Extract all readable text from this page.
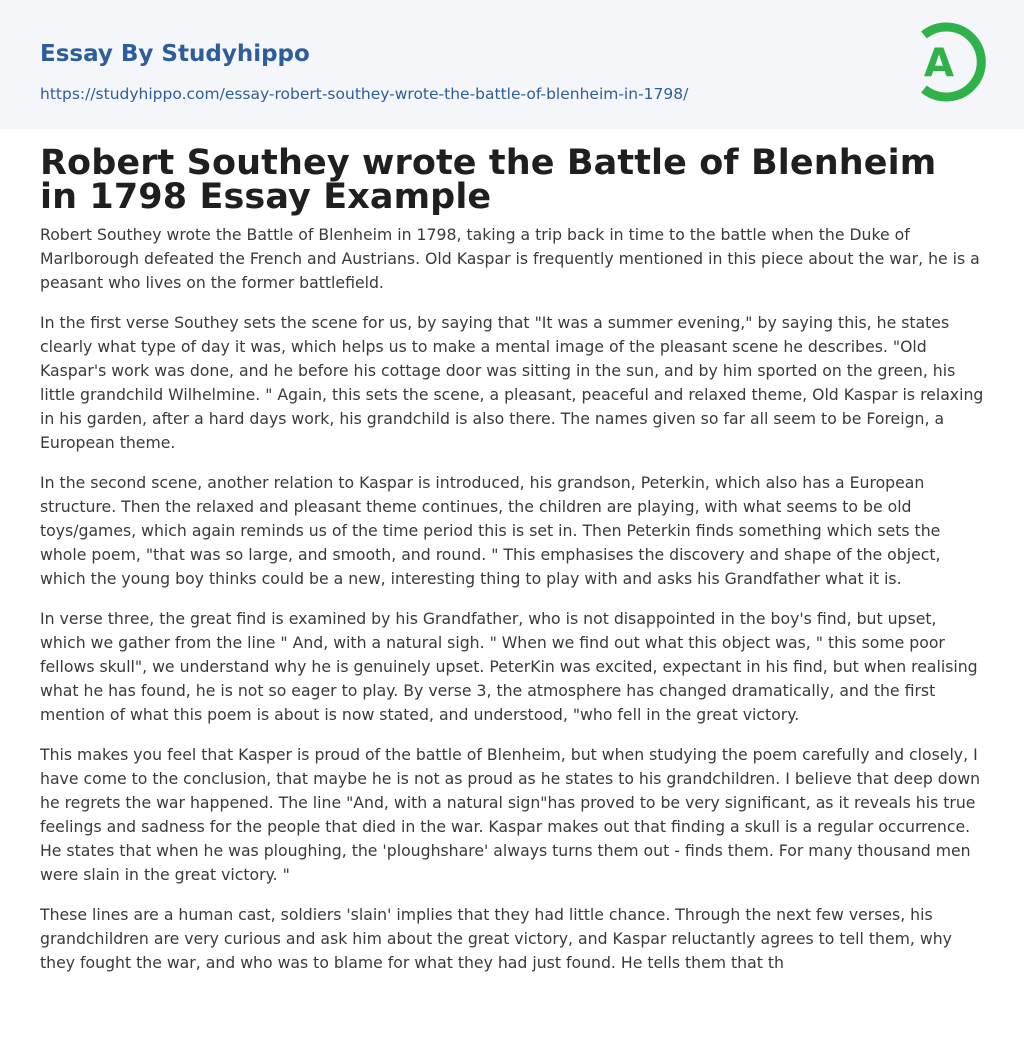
Essay By Studyhippo
https://studyhippo.com/essay-robert-southey-wrote-the-battle-of-blenheim-in-1798/
A
Robert Southey wrote the Battle of Blenheim in 1798 Essay Example

Robert Southey wrote the Battle of Blenheim in 1798, taking a trip back in time to the battle when the Duke of Marlborough defeated the French and Austrians. Old Kaspar is frequently mentioned in this piece about the war, he is a peasant who lives on the former battlefield.

In the first verse Southey sets the scene for us, by saying that "It was a summer evening," by saying this, he states clearly what type of day it was, which helps us to make a mental image of the pleasant scene he describes. "Old Kaspar's work was done, and he before his cottage door was sitting in the sun, and by him sported on the green, his little grandchild Wilhelmine. " Again, this sets the scene, a pleasant, peaceful and relaxed theme, Old Kaspar is relaxing in his garden, after a hard days work, his grandchild is also there. The names given so far all seem to be Foreign, a European theme.

In the second scene, another relation to Kaspar is introduced, his grandson, Peterkin, which also has a European structure. Then the relaxed and pleasant theme continues, the children are playing, with what seems to be old toys/games, which again reminds us of the time period this is set in. Then Peterkin finds something which sets the whole poem, "that was so large, and smooth, and round. " This emphasises the discovery and shape of the object, which the young boy thinks could be a new, interesting thing to play with and asks his Grandfather what it is.

In verse three, the great find is examined by his Grandfather, who is not disappointed in the boy's find, but upset, which we gather from the line " And, with a natural sigh. " When we find out what this object was, " this some poor fellows skull", we understand why he is genuinely upset. PeterKin was excited, expectant in his find, but when realising what he has found, he is not so eager to play. By verse 3, the atmosphere has changed dramatically, and the first mention of what this poem is about is now stated, and understood, "who fell in the great victory.

This makes you feel that Kasper is proud of the battle of Blenheim, but when studying the poem carefully and closely, I have come to the conclusion, that maybe he is not as proud as he states to his grandchildren. I believe that deep down he regrets the war happened. The line "And, with a natural sign"has proved to be very significant, as it reveals his true feelings and sadness for the people that died in the war. Kaspar makes out that finding a skull is a regular occurrence. He states that when he was ploughing, the 'ploughshare' always turns them out - finds them. For many thousand men were slain in the great victory. "

These lines are a human cast, soldiers 'slain' implies that they had little chance. Through the next few verses, his grandchildren are very curious and ask him about the great victory, and Kaspar reluctantly agrees to tell them, why they fought the war, and who was to blame for what they had just found. He tells them that th
